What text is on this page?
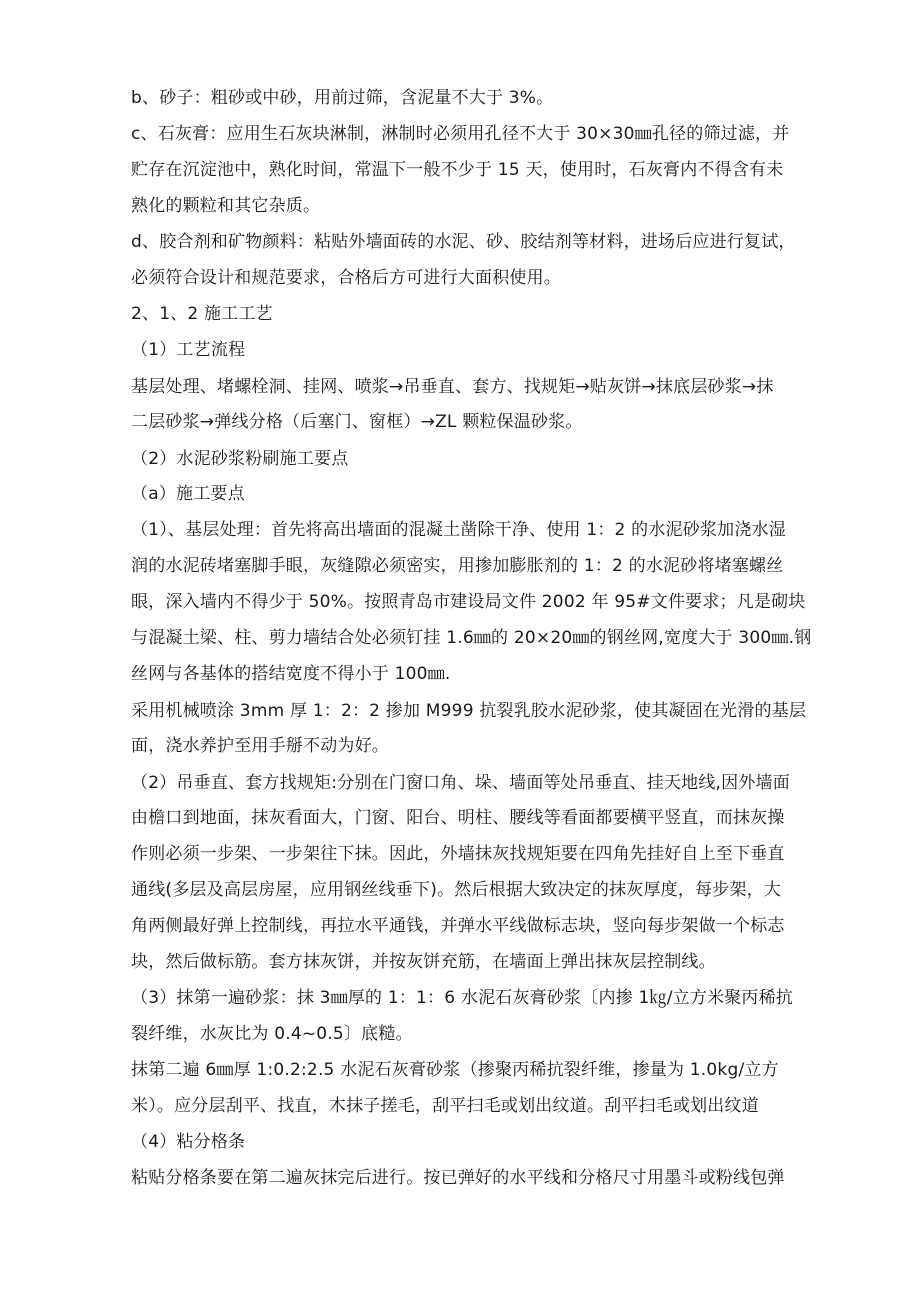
b、砂子：粗砂或中砂，用前过筛，含泥量不大于 3%。
c、石灰膏：应用生石灰块淋制，淋制时必须用孔径不大于 30×30㎜孔径的筛过滤，并
贮存在沉淀池中，熟化时间，常温下一般不少于 15 天，使用时，石灰膏内不得含有未
熟化的颗粒和其它杂质。
d、胶合剂和矿物颜料：粘贴外墙面砖的水泥、砂、胶结剂等材料，进场后应进行复试，
必须符合设计和规范要求，合格后方可进行大面积使用。
2、1、2 施工工艺
（1）工艺流程
基层处理、堵螺栓洞、挂网、喷浆→吊垂直、套方、找规矩→贴灰饼→抹底层砂浆→抹
二层砂浆→弹线分格（后塞门、窗框）→ZL 颗粒保温砂浆。
（2）水泥砂浆粉刷施工要点
（a）施工要点
（1）、基层处理：首先将高出墙面的混凝土凿除干净、使用 1：2 的水泥砂浆加浇水湿
润的水泥砖堵塞脚手眼，灰缝隙必须密实，用掺加膨胀剂的 1：2 的水泥砂将堵塞螺丝
眼，深入墙内不得少于 50%。按照青岛市建设局文件 2002 年 95#文件要求；凡是砌块
与混凝土梁、柱、剪力墙结合处必须钉挂 1.6㎜的 20×20㎜的钢丝网,宽度大于 300㎜.钢
丝网与各基体的搭结宽度不得小于 100㎜.
采用机械喷涂 3mm 厚 1：2：2 掺加 M999 抗裂乳胶水泥砂浆，使其凝固在光滑的基层
面，浇水养护至用手掰不动为好。
（2）吊垂直、套方找规矩:分别在门窗口角、垛、墙面等处吊垂直、挂天地线,因外墙面
由檐口到地面，抹灰看面大，门窗、阳台、明柱、腰线等看面都要横平竖直，而抹灰操
作则必须一步架、一步架往下抹。因此，外墙抹灰找规矩要在四角先挂好自上至下垂直
通线(多层及高层房屋，应用钢丝线垂下)。然后根据大致决定的抹灰厚度，每步架，大
角两侧最好弹上控制线，再拉水平通钱，并弹水平线做标志块，竖向每步架做一个标志
块，然后做标筋。套方抹灰饼，并按灰饼充筋，在墙面上弹出抹灰层控制线。
（3）抹第一遍砂浆：抹 3㎜厚的 1：1：6 水泥石灰膏砂浆〔内掺 1㎏/立方米聚丙稀抗
裂纤维，水灰比为 0.4~0.5〕底糙。
抹第二遍 6㎜厚 1:0.2:2.5 水泥石灰膏砂浆（掺聚丙稀抗裂纤维，掺量为 1.0kg/立方
米）。应分层刮平、找直，木抹子搓毛，刮平扫毛或划出纹道。刮平扫毛或划出纹道
（4）粘分格条
粘贴分格条要在第二遍灰抹完后进行。按已弹好的水平线和分格尺寸用墨斗或粉线包弹
